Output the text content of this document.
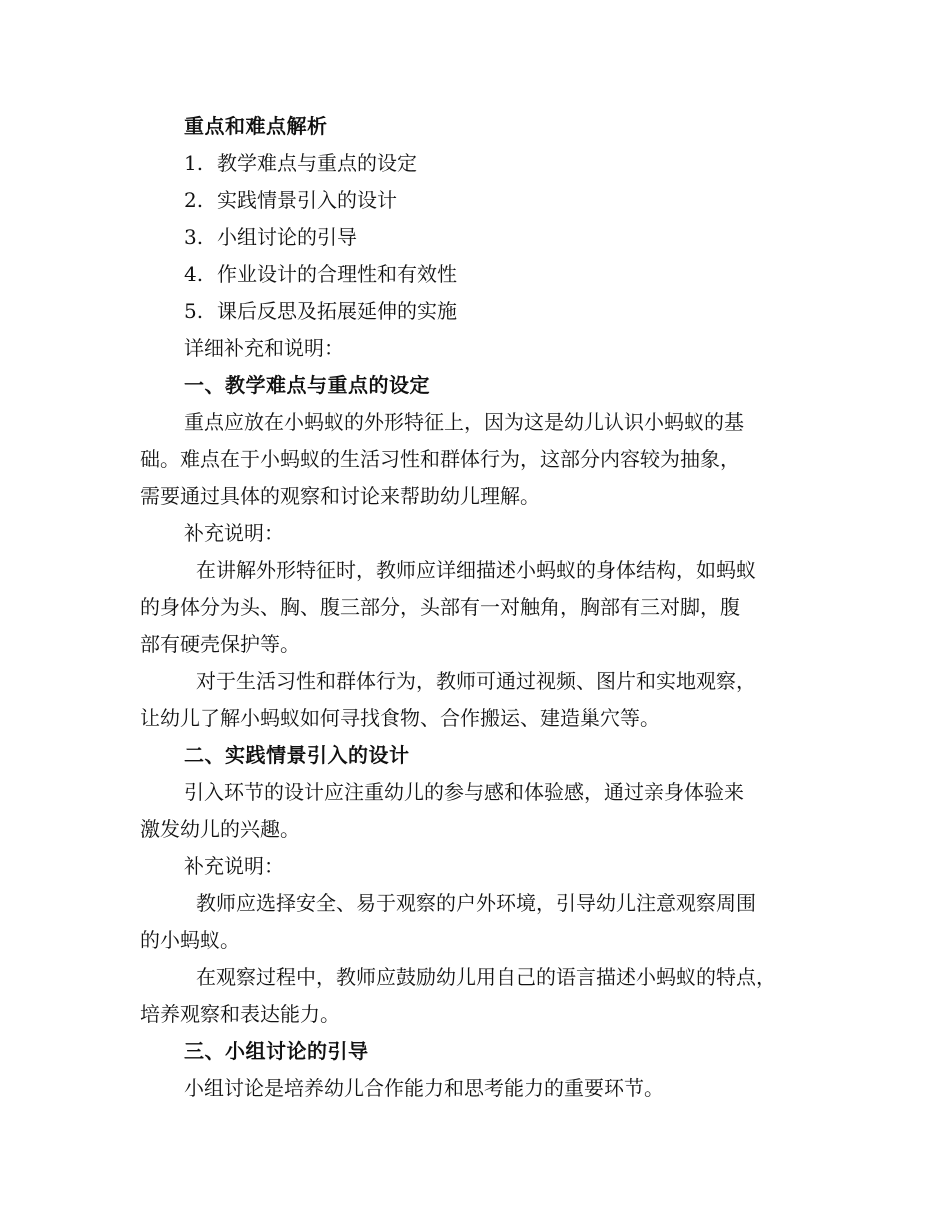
重点和难点解析
1. 教学难点与重点的设定
2. 实践情景引入的设计
3. 小组讨论的引导
4. 作业设计的合理性和有效性
5. 课后反思及拓展延伸的实施
详细补充和说明：
一、教学难点与重点的设定
重点应放在小蚂蚁的外形特征上，因为这是幼儿认识小蚂蚁的基
础。难点在于小蚂蚁的生活习性和群体行为，这部分内容较为抽象，
需要通过具体的观察和讨论来帮助幼儿理解。
补充说明：
在讲解外形特征时，教师应详细描述小蚂蚁的身体结构，如蚂蚁
的身体分为头、胸、腹三部分，头部有一对触角，胸部有三对脚，腹
部有硬壳保护等。
对于生活习性和群体行为，教师可通过视频、图片和实地观察，
让幼儿了解小蚂蚁如何寻找食物、合作搬运、建造巢穴等。
二、实践情景引入的设计
引入环节的设计应注重幼儿的参与感和体验感，通过亲身体验来
激发幼儿的兴趣。
补充说明：
教师应选择安全、易于观察的户外环境，引导幼儿注意观察周围
的小蚂蚁。
在观察过程中，教师应鼓励幼儿用自己的语言描述小蚂蚁的特点，
培养观察和表达能力。
三、小组讨论的引导
小组讨论是培养幼儿合作能力和思考能力的重要环节。
